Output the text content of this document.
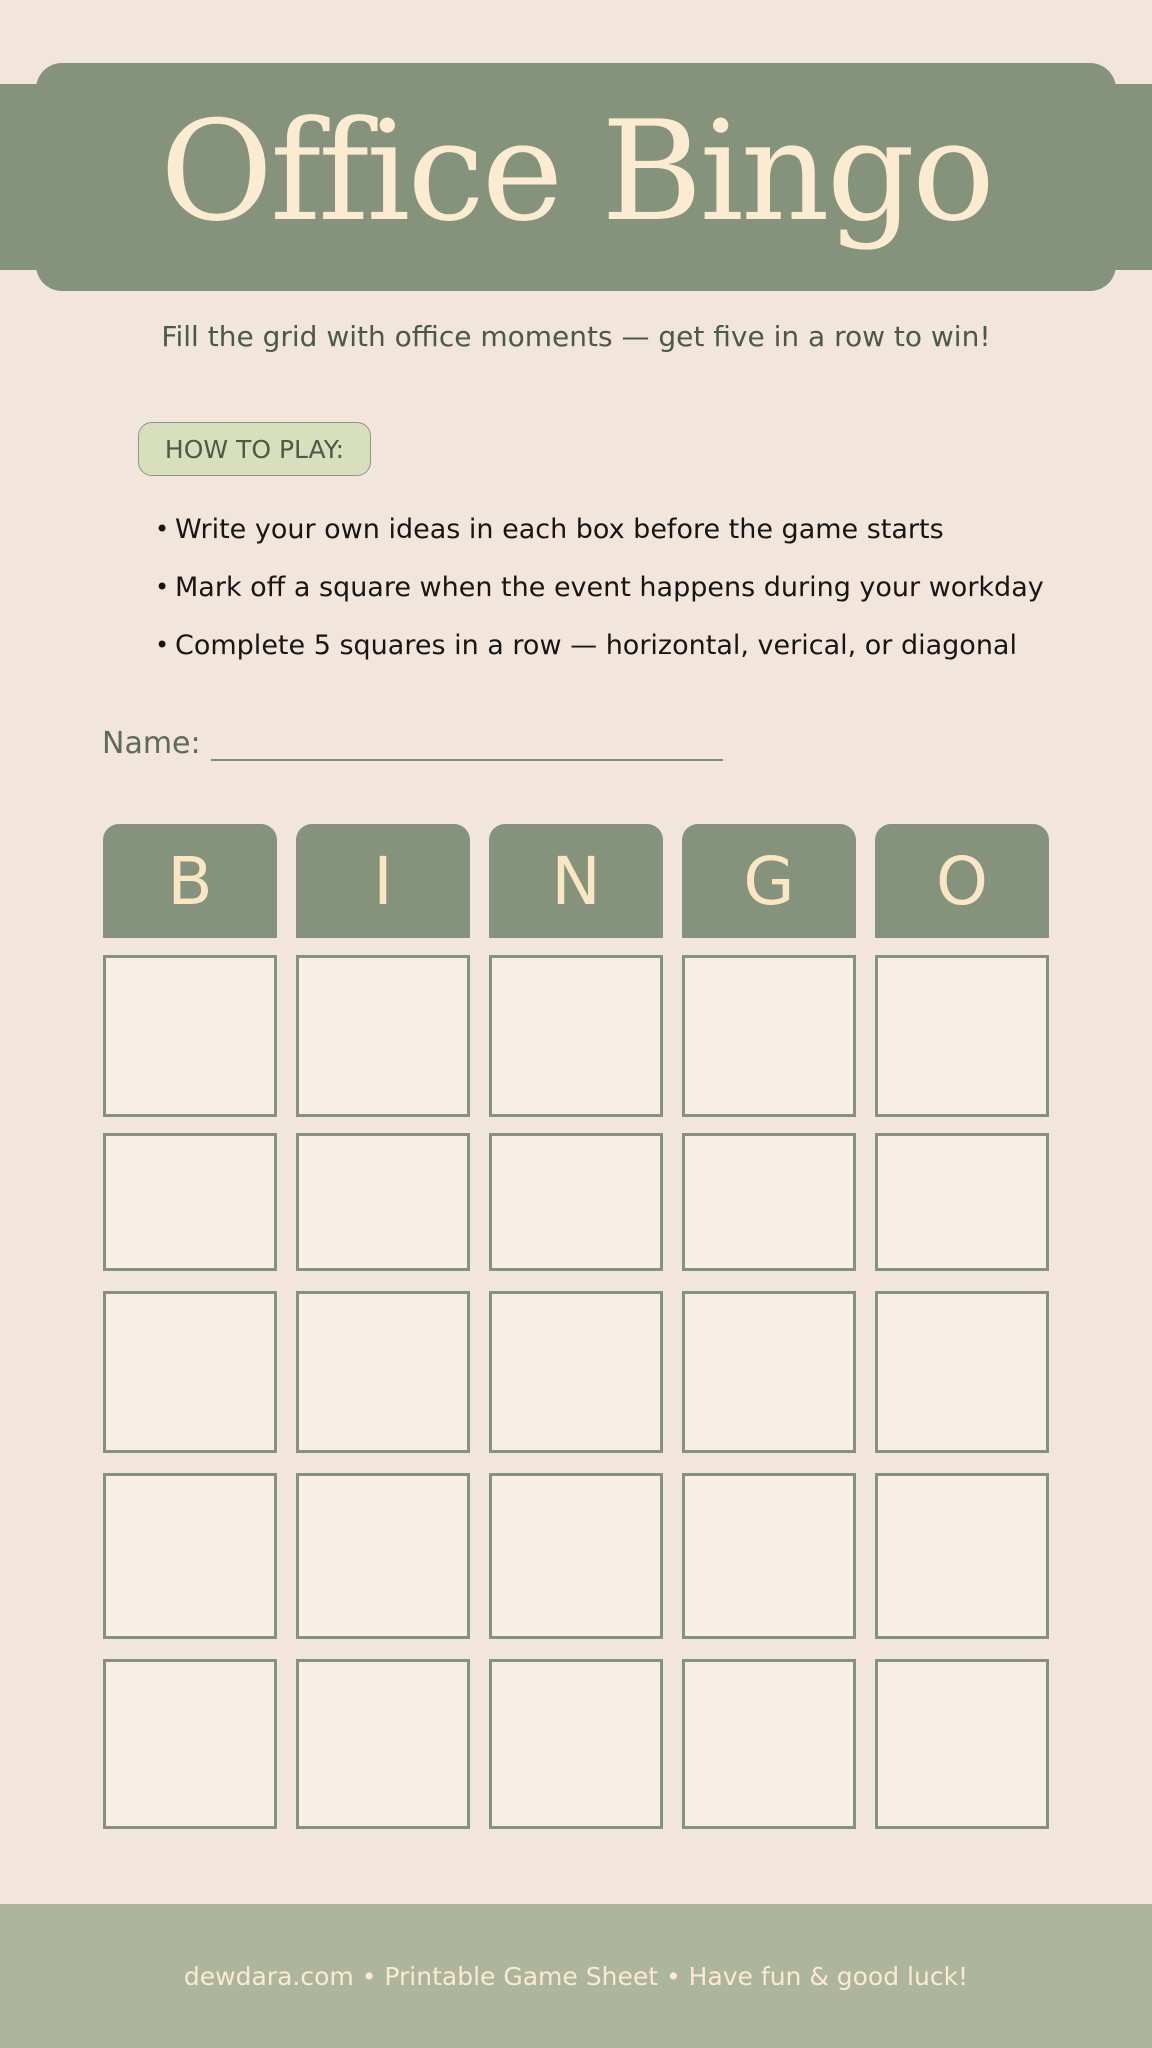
Office Bingo

Fill the grid with office moments — get five in a row to win!

HOW TO PLAY:
• Write your own ideas in each box before the game starts
• Mark off a square when the event happens during your workday
• Complete 5 squares in a row — horizontal, verical, or diagonal
Name:
B	I	N	G	O
dewdara.com • Printable Game Sheet • Have fun & good luck!
